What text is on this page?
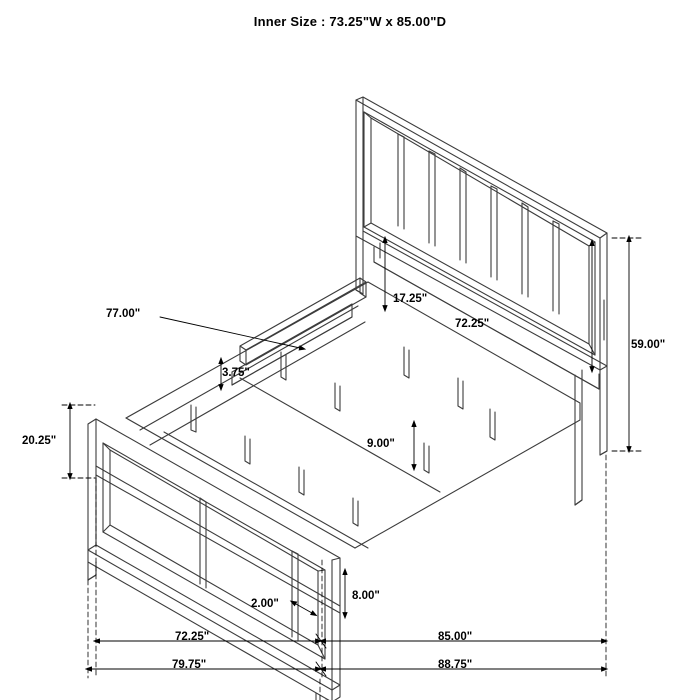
Inner Size : 73.25"W x 85.00"D
59.00"
77.00"
17.25"
72.25"
3.75"
20.25"	9.00"
8.00"
2.00"
72.25"	85.00"
79.75"	88.75"
